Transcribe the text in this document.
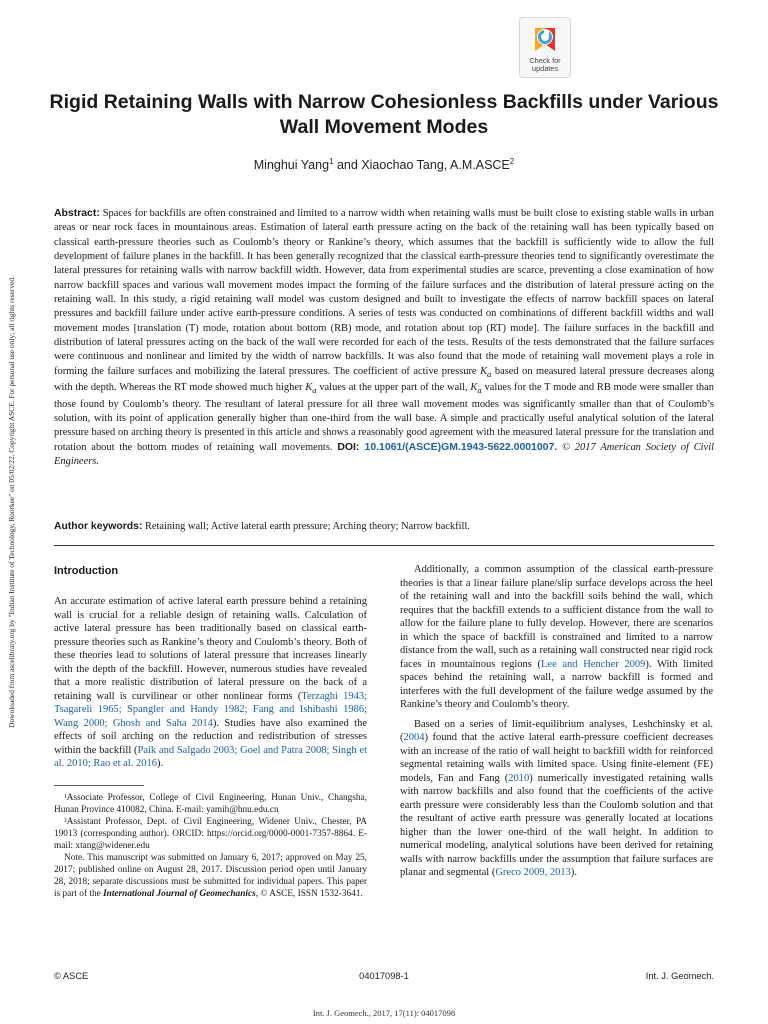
Downloaded from ascelibrary.org by "Indian Institute of Technology, Roorkee" on 05/02/22. Copyright ASCE. For personal use only; all rights reserved.
Check for
updates
Rigid Retaining Walls with Narrow Cohesionless Backfills under Various Wall Movement Modes
Minghui Yang$^1$ and Xiaochao Tang, A.M.ASCE$^2$

Abstract: Spaces for backfills are often constrained and limited to a narrow width when retaining walls must be built close to existing stable walls in urban areas or near rock faces in mountainous areas. Estimation of lateral earth pressure acting on the back of the retaining wall has been typically based on classical earth-pressure theories such as Coulomb’s theory or Rankine’s theory, which assumes that the backfill is sufficiently wide to allow the full development of failure planes in the backfill. It has been generally recognized that the classical earth-pressure theories tend to significantly overestimate the lateral pressures for retaining walls with narrow backfill width. However, data from experimental studies are scarce, preventing a close examination of how narrow backfill spaces and various wall movement modes impact the forming of the failure surfaces and the distribution of lateral pressure acting on the retaining wall. In this study, a rigid retaining wall model was custom designed and built to investigate the effects of narrow backfill spaces on lateral pressures and backfill failure under active earth-pressure conditions. A series of tests was conducted on combinations of different backfill widths and wall movement modes [translation (T) mode, rotation about bottom (RB) mode, and rotation about top (RT) mode]. The failure surfaces in the backfill and distribution of lateral pressures acting on the back of the wall were recorded for each of the tests. Results of the tests demonstrated that the failure surfaces were continuous and nonlinear and limited by the width of narrow backfills. It was also found that the mode of retaining wall movement plays a role in forming the failure surfaces and mobilizing the lateral pressures. The coefficient of active pressure $K_a$ based on measured lateral pressure decreases along with the depth. Whereas the RT mode showed much higher $K_a$ values at the upper part of the wall, $K_a$ values for the T mode and RB mode were smaller than those found by Coulomb’s theory. The resultant of lateral pressure for all three wall movement modes was significantly smaller than that of Coulomb’s solution, with its point of application generally higher than one-third from the wall base. A simple and practically useful analytical solution of the lateral pressure based on arching theory is presented in this article and shows a reasonably good agreement with the measured lateral pressure for the translation and rotation about the bottom modes of retaining wall movements. DOI: 10.1061/(ASCE)GM.1943-5622.0001007. © 2017 American Society of Civil Engineers.

Author keywords: Retaining wall; Active lateral earth pressure; Arching theory; Narrow backfill.

Introduction

An accurate estimation of active lateral earth pressure behind a retaining wall is crucial for a reliable design of retaining walls. Calculation of active lateral pressure has been traditionally based on classical earth-pressure theories such as Rankine’s theory and Coulomb’s theory. Both of these theories lead to solutions of lateral pressure that increases linearly with the depth of the backfill. However, numerous studies have revealed that a more realistic distribution of lateral pressure on the back of a retaining wall is curvilinear or other nonlinear forms (Terzaghi 1943; Tsagareli 1965; Spangler and Handy 1982; Fang and Ishibashi 1986; Wang 2000; Ghosh and Saha 2014). Studies have also examined the effects of soil arching on the reduction and redistribution of stresses within the backfill (Paik and Salgado 2003; Goel and Patra 2008; Singh et al. 2010; Rao et al. 2016).

¹Associate Professor, College of Civil Engineering, Hunan Univ., Changsha, Hunan Province 410082, China. E-mail: yamih@hnu.edu.cn

²Assistant Professor, Dept. of Civil Engineering, Widener Univ., Chester, PA 19013 (corresponding author). ORCID: https://orcid.org/0000-0001-7357-8864. E-mail: xtang@widener.edu

Note. This manuscript was submitted on January 6, 2017; approved on May 25, 2017; published online on August 28, 2017. Discussion period open until January 28, 2018; separate discussions must be submitted for individual papers. This paper is part of the International Journal of Geomechanics, © ASCE, ISSN 1532-3641.

Additionally, a common assumption of the classical earth-pressure theories is that a linear failure plane/slip surface develops across the heel of the retaining wall and into the backfill soils behind the wall, which requires that the backfill extends to a sufficient distance from the wall to allow for the failure plane to fully develop. However, there are scenarios in which the space of backfill is constrained and limited to a narrow distance from the wall, such as a retaining wall constructed near rigid rock faces in mountainous regions (Lee and Hencher 2009). With limited spaces behind the retaining wall, a narrow backfill is formed and interferes with the full development of the failure wedge assumed by the Rankine’s theory and Coulomb’s theory.

Based on a series of limit-equilibrium analyses, Leshchinsky et al. (2004) found that the active lateral earth-pressure coefficient decreases with an increase of the ratio of wall height to backfill width for reinforced segmental retaining walls with limited space. Using finite-element (FE) models, Fan and Fang (2010) numerically investigated retaining walls with narrow backfills and also found that the coefficients of the active earth pressure were considerably less than the Coulomb solution and that the resultant of active earth pressure was generally located at locations higher than the lower one-third of the wall height. In addition to numerical modeling, analytical solutions have been derived for retaining walls with narrow backfills under the assumption that failure surfaces are planar and segmental (Greco 2009, 2013).

© ASCE	04017098-1	Int. J. Geomech.
Int. J. Geomech., 2017, 17(11): 04017098
